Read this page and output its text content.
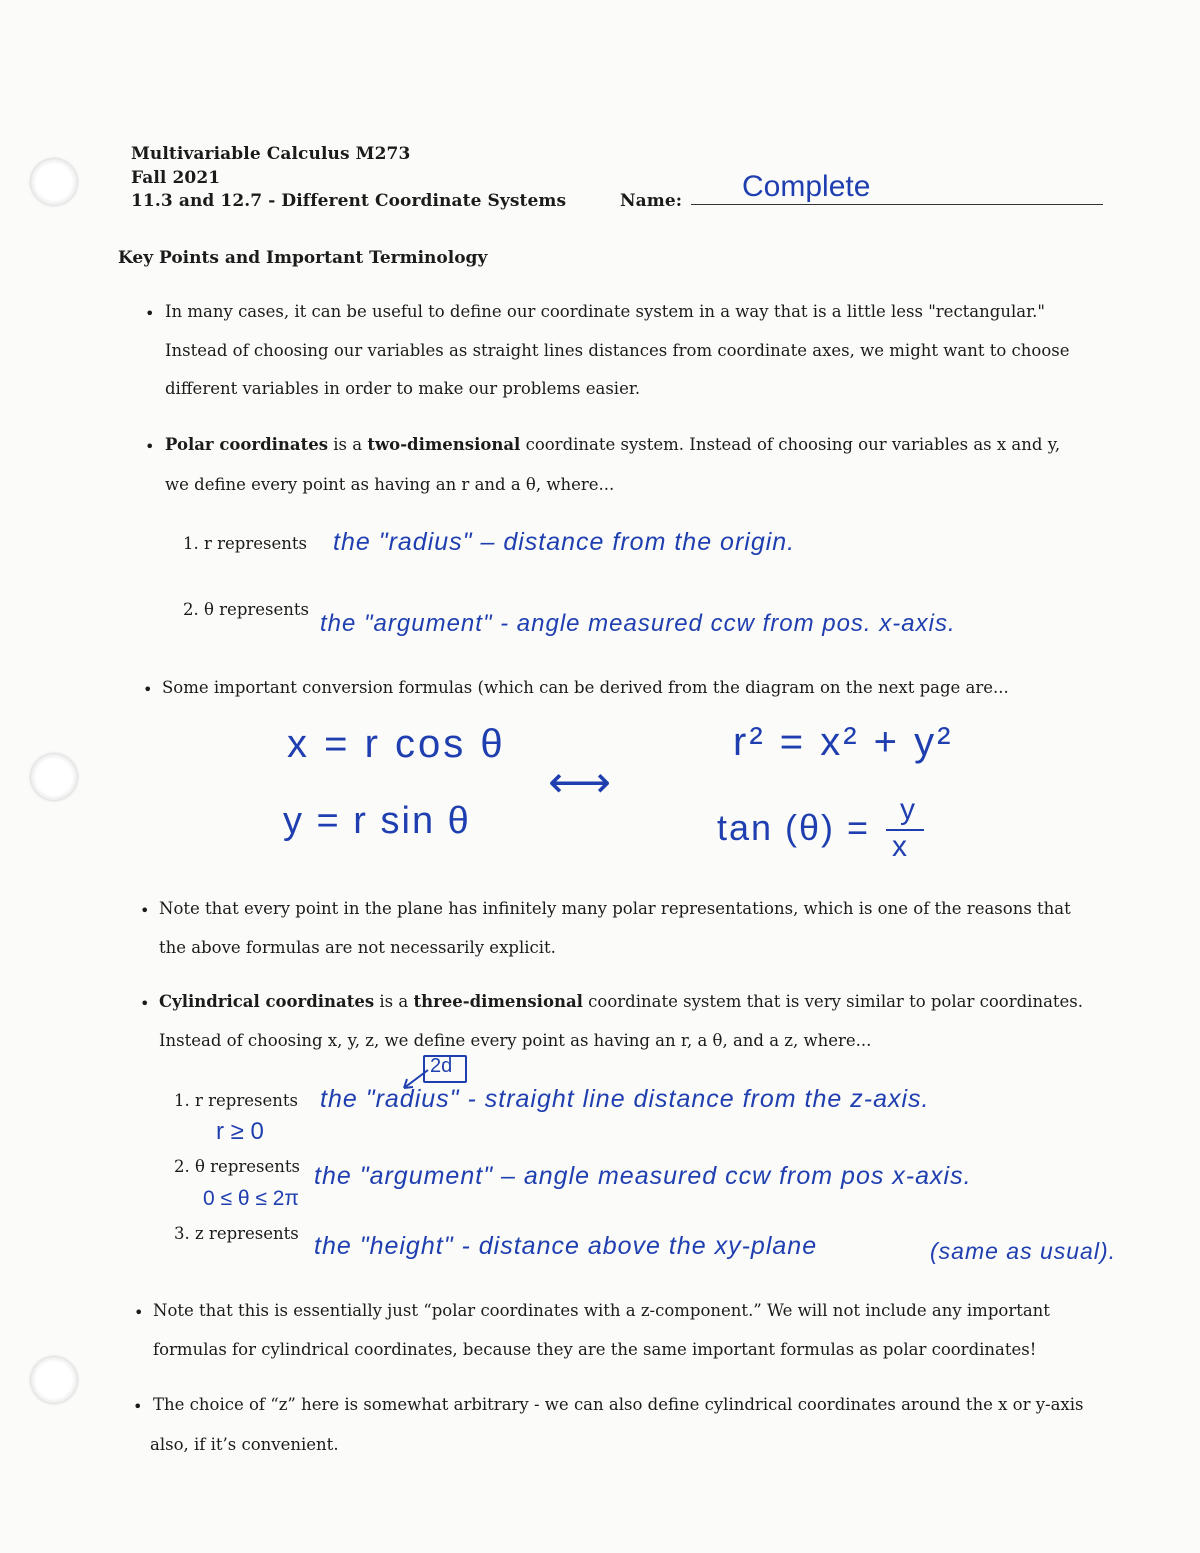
Multivariable Calculus M273
Fall 2021
11.3 and 12.7 - Different Coordinate Systems	Name: Complete
Key Points and Important Terminology
• In many cases, it can be useful to define our coordinate system in a way that is a little less "rectangular."
Instead of choosing our variables as straight lines distances from coordinate axes, we might want to choose
different variables in order to make our problems easier.
• Polar coordinates is a two-dimensional coordinate system. Instead of choosing our variables as x and y,
we define every point as having an r and a θ, where...
1. r represents the "radius" – distance from the origin.
2. θ represents
the "argument" - angle measured ccw from pos. x-axis.
• Some important conversion formulas (which can be derived from the diagram on the next page are...
x = r cos θ
y = r sin θ
⟷
r² = x² + y²
tan (θ) = y
x
• Note that every point in the plane has infinitely many polar representations, which is one of the reasons that
the above formulas are not necessarily explicit.
• Cylindrical coordinates is a three-dimensional coordinate system that is very similar to polar coordinates.
Instead of choosing x, y, z, we define every point as having an r, a θ, and a z, where...
2d
1. r represents the "radius" - straight line distance from the z-axis.
r ≥ 0
2. θ represents the "argument" – angle measured ccw from pos x-axis.
0 ≤ θ ≤ 2π
3. z represents the "height" - distance above the xy-plane	(same as usual).
• Note that this is essentially just “polar coordinates with a z-component.” We will not include any important
formulas for cylindrical coordinates, because they are the same important formulas as polar coordinates!
• The choice of “z” here is somewhat arbitrary - we can also define cylindrical coordinates around the x or y-axis
also, if it’s convenient.
